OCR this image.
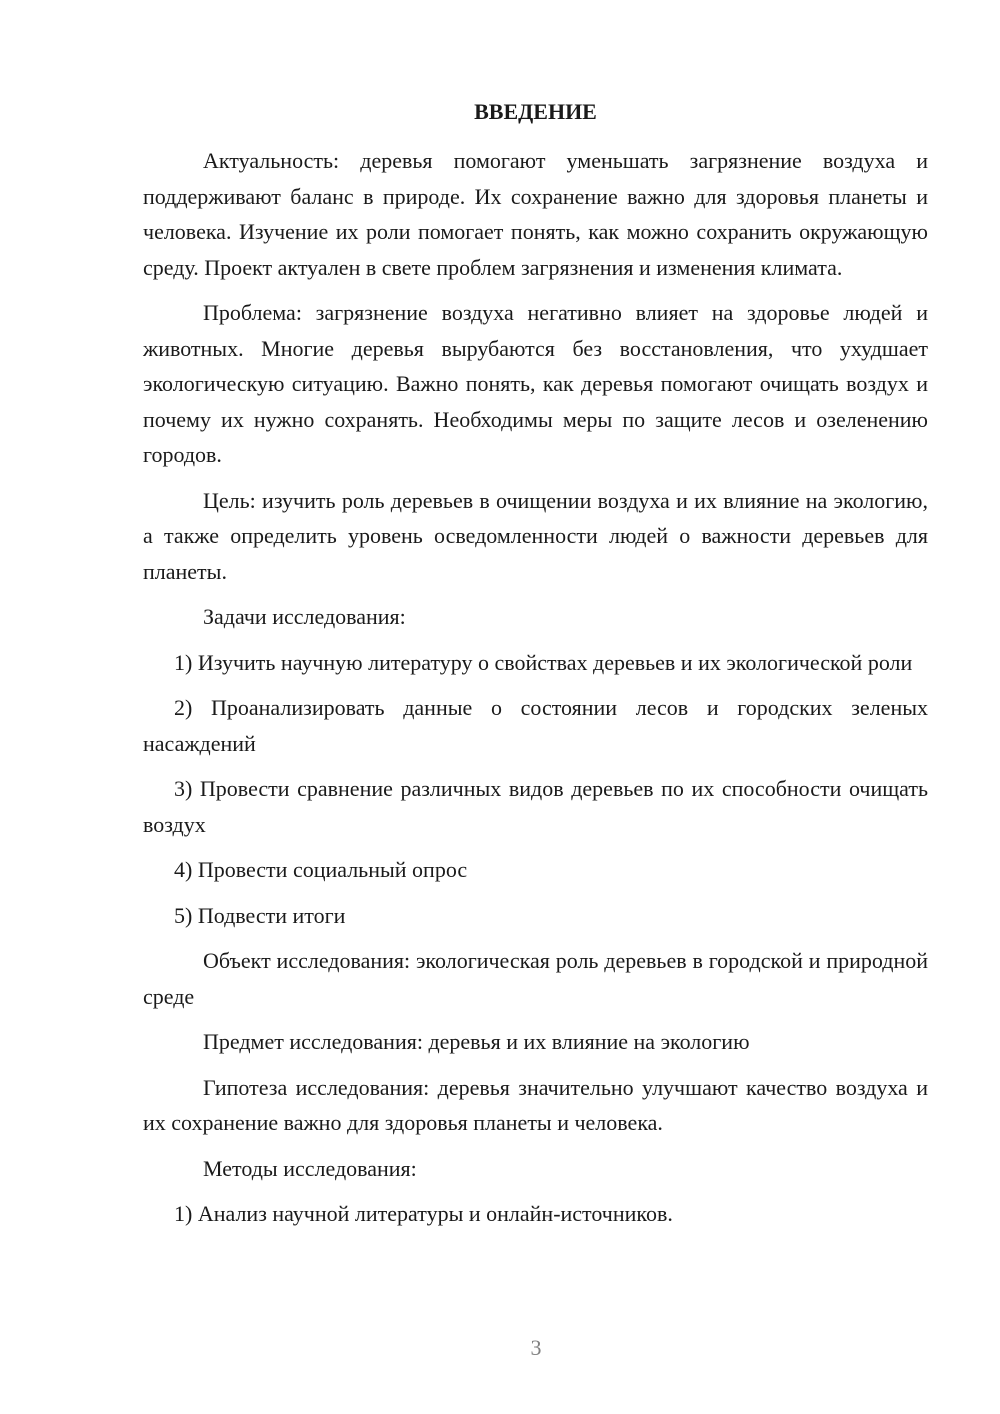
ВВЕДЕНИЕ

Актуальность: деревья помогают уменьшать загрязнение воздуха и поддерживают баланс в природе. Их сохранение важно для здоровья планеты и человека. Изучение их роли помогает понять, как можно сохранить окружающую среду. Проект актуален в свете проблем загрязнения и изменения климата.

Проблема: загрязнение воздуха негативно влияет на здоровье людей и животных. Многие деревья вырубаются без восстановления, что ухудшает экологическую ситуацию. Важно понять, как деревья помогают очищать воздух и почему их нужно сохранять. Необходимы меры по защите лесов и озеленению городов.

Цель: изучить роль деревьев в очищении воздуха и их влияние на экологию, а также определить уровень осведомленности людей о важности деревьев для планеты.

Задачи исследования:

1) Изучить научную литературу о свойствах деревьев и их экологической роли

2) Проанализировать данные о состоянии лесов и городских зеленых насаждений

3) Провести сравнение различных видов деревьев по их способности очищать воздух

4) Провести социальный опрос

5) Подвести итоги

Объект исследования: экологическая роль деревьев в городской и природной среде

Предмет исследования: деревья и их влияние на экологию

Гипотеза исследования: деревья значительно улучшают качество воздуха и их сохранение важно для здоровья планеты и человека.

Методы исследования:

1) Анализ научной литературы и онлайн-источников.

3
